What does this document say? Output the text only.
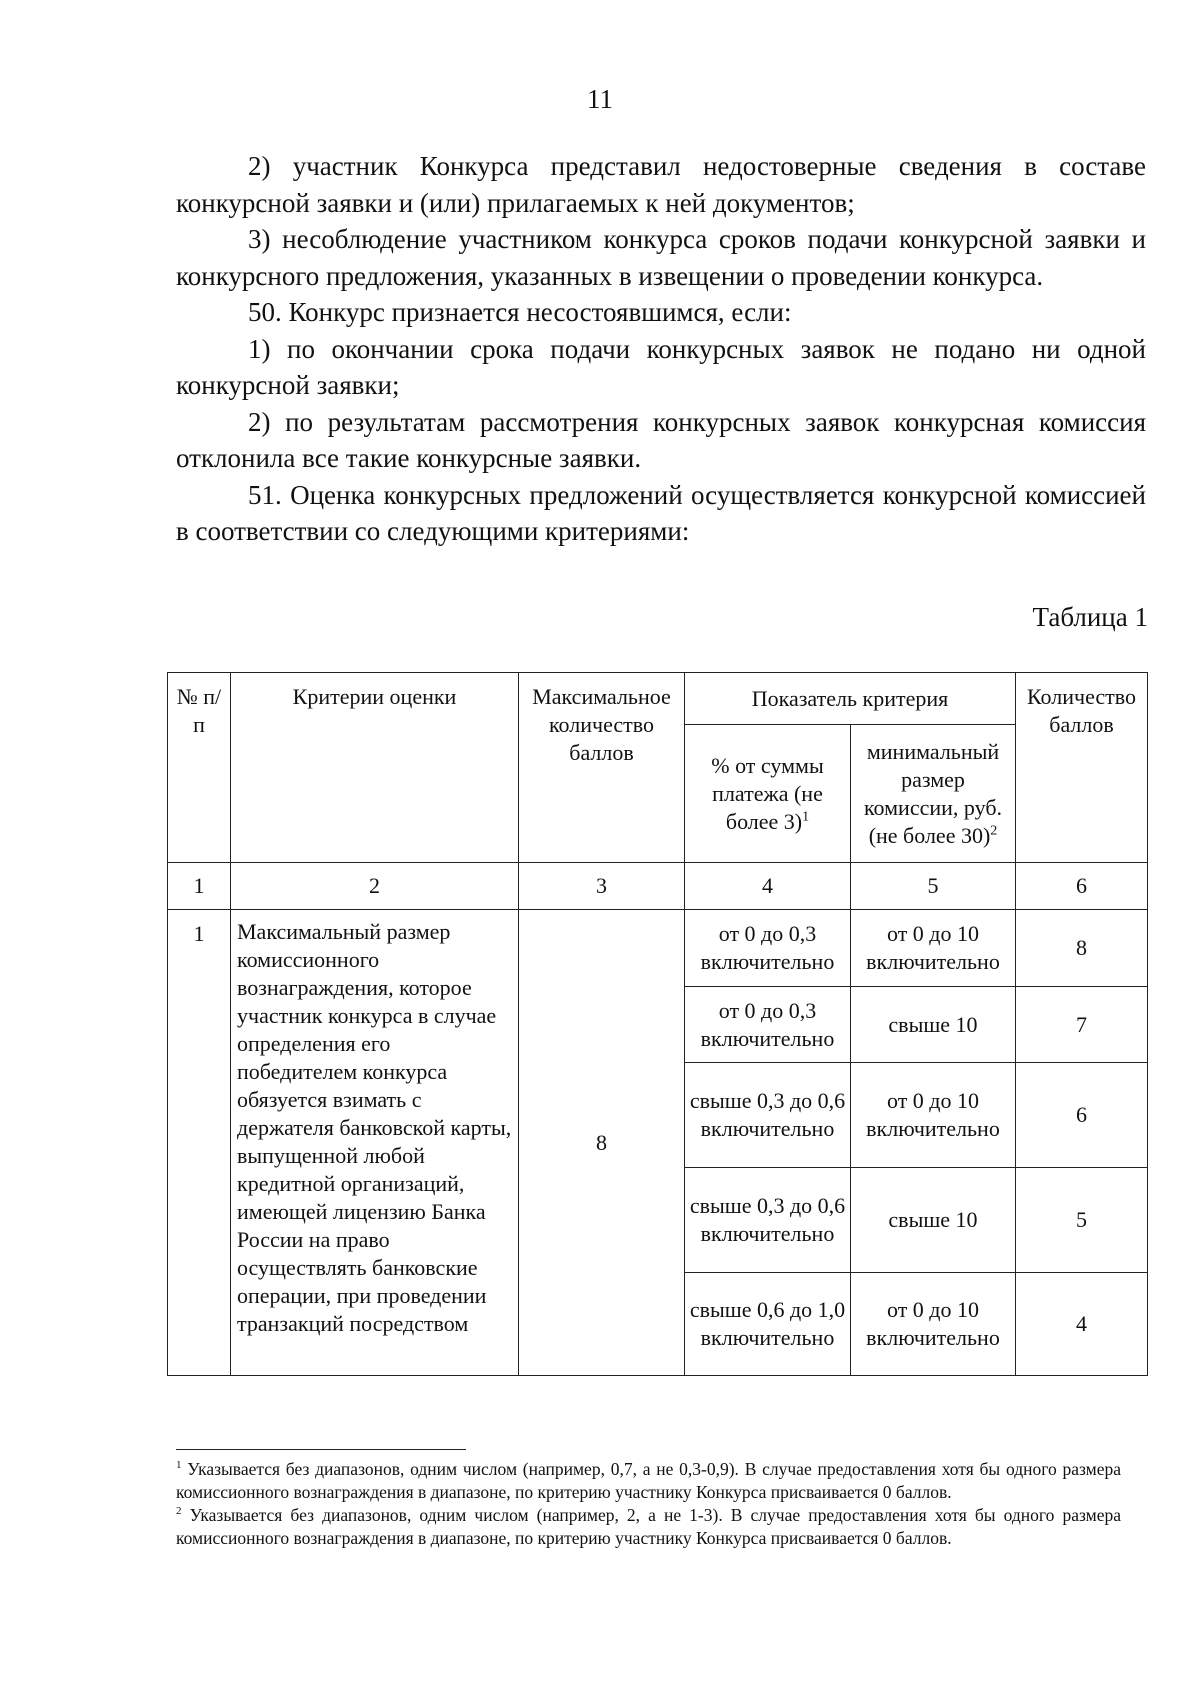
11

2) участник Конкурса представил недостоверные сведения в составе конкурсной заявки и (или) прилагаемых к ней документов;

3) несоблюдение участником конкурса сроков подачи конкурсной заявки и конкурсного предложения, указанных в извещении о проведении конкурса.

50. Конкурс признается несостоявшимся, если:

1) по окончании срока подачи конкурсных заявок не подано ни одной конкурсной заявки;

2) по результатам рассмотрения конкурсных заявок конкурсная комиссия отклонила все такие конкурсные заявки.

51. Оценка конкурсных предложений осуществляется конкурсной комиссией в соответствии со следующими критериями:

Таблица 1
№ п/п	Критерии оценки	Максимальное количество баллов	Показатель критерия		Количество баллов
			% от суммы платежа (не более 3)$^1$	минимальный размер комиссии, руб. (не более 30)$^2$
1	2	3	4	5	6
1	Максимальный размер комиссионного вознаграждения, которое участник конкурса в случае определения его победителем конкурса обязуется взимать с держателя банковской карты, выпущенной любой кредитной организаций, имеющей лицензию Банка России на право осуществлять банковские операции, при проведении транзакций посредством	8	от 0 до 0,3 включительно	от 0 до 10 включительно	8
			от 0 до 0,3 включительно	свыше 10	7
			свыше 0,3 до 0,6 включительно	от 0 до 10 включительно	6
			свыше 0,3 до 0,6 включительно	свыше 10	5
			свыше 0,6 до 1,0 включительно	от 0 до 10 включительно	4

$^1$ Указывается без диапазонов, одним числом (например, 0,7, а не 0,3-0,9). В случае предоставления хотя бы одного размера комиссионного вознаграждения в диапазоне, по критерию участнику Конкурса присваивается 0 баллов.

$^2$ Указывается без диапазонов, одним числом (например, 2, а не 1-3). В случае предоставления хотя бы одного размера комиссионного вознаграждения в диапазоне, по критерию участнику Конкурса присваивается 0 баллов.
